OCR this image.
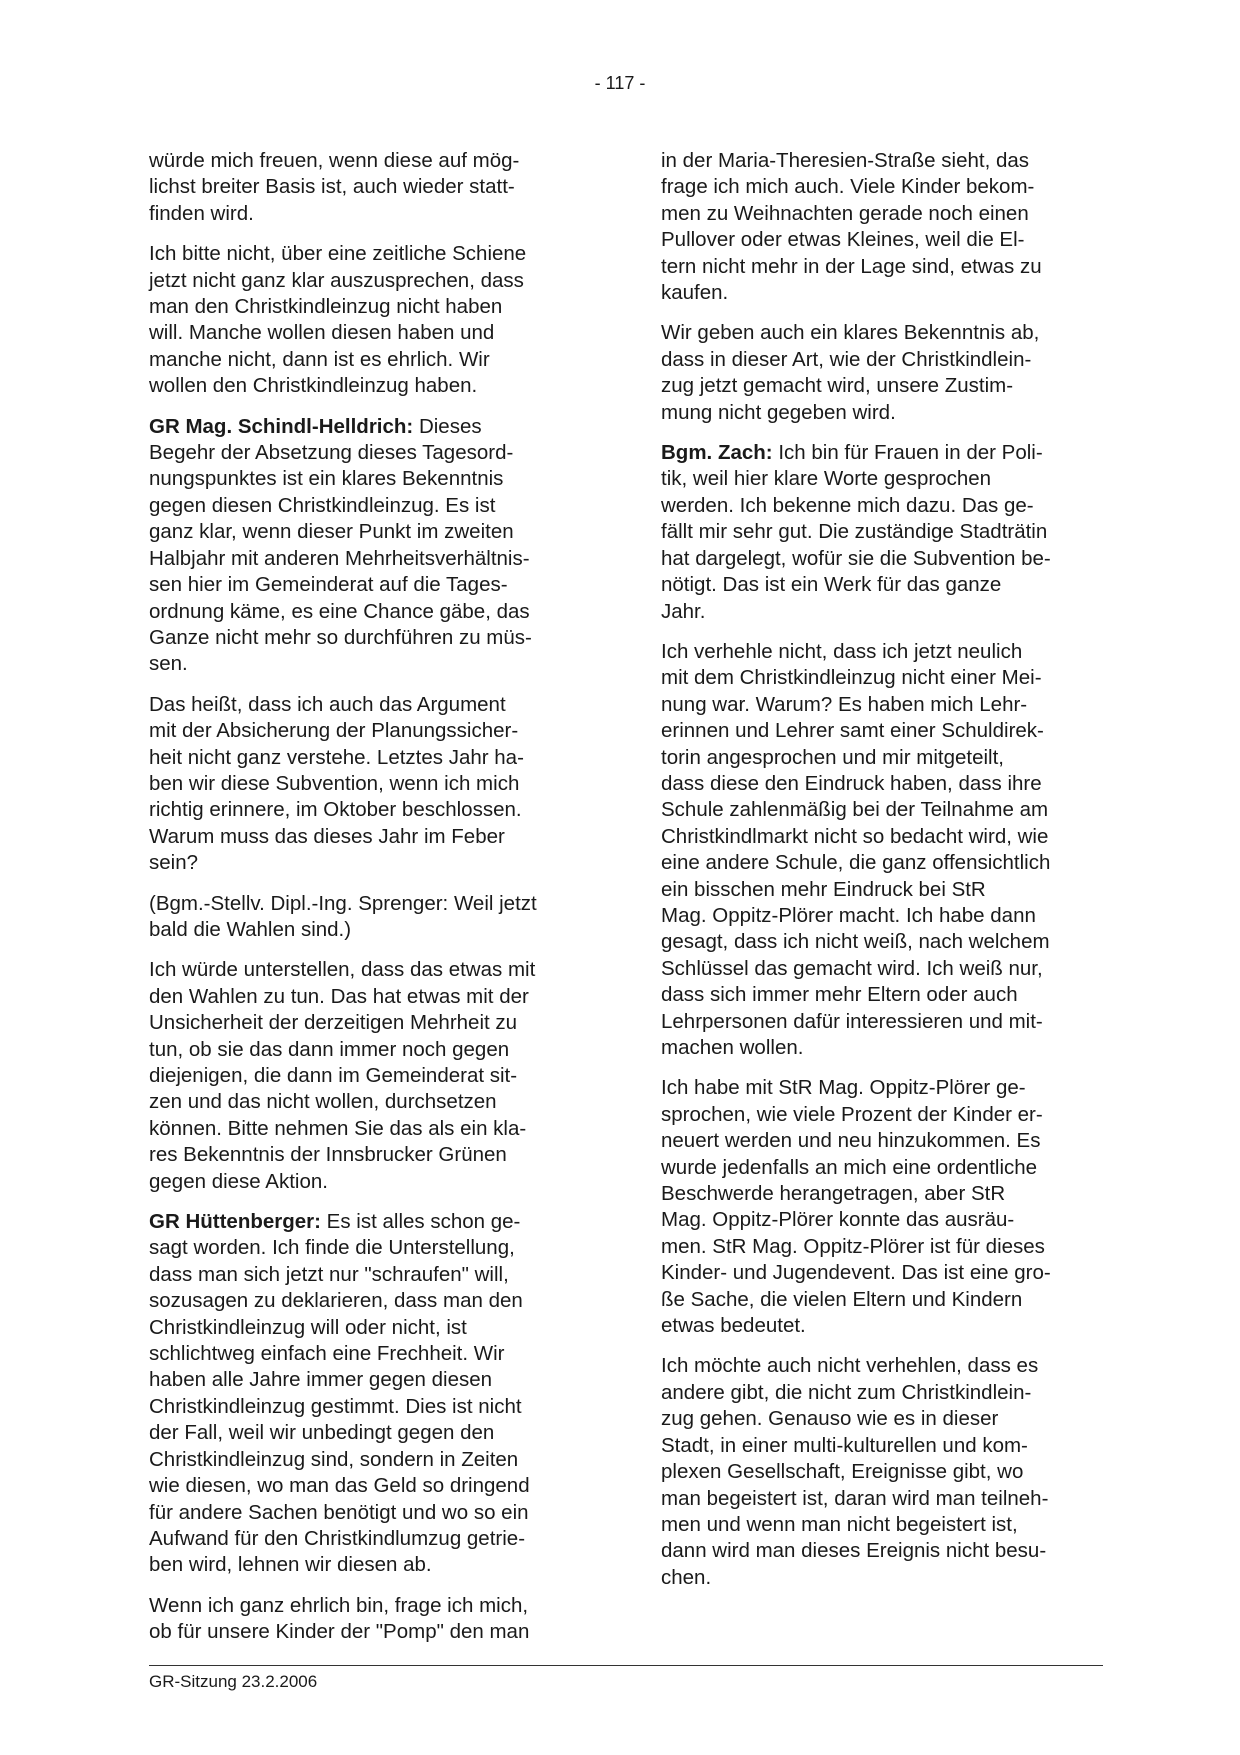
- 117 -
würde mich freuen, wenn diese auf mög-
lichst breiter Basis ist, auch wieder statt-
finden wird.
Ich bitte nicht, über eine zeitliche Schiene
jetzt nicht ganz klar auszusprechen, dass
man den Christkindleinzug nicht haben
will. Manche wollen diesen haben und
manche nicht, dann ist es ehrlich. Wir
wollen den Christkindleinzug haben.
GR Mag. Schindl-Helldrich: Dieses
Begehr der Absetzung dieses Tagesord-
nungspunktes ist ein klares Bekenntnis
gegen diesen Christkindleinzug. Es ist
ganz klar, wenn dieser Punkt im zweiten
Halbjahr mit anderen Mehrheitsverhältnis-
sen hier im Gemeinderat auf die Tages-
ordnung käme, es eine Chance gäbe, das
Ganze nicht mehr so durchführen zu müs-
sen.
Das heißt, dass ich auch das Argument
mit der Absicherung der Planungssicher-
heit nicht ganz verstehe. Letztes Jahr ha-
ben wir diese Subvention, wenn ich mich
richtig erinnere, im Oktober beschlossen.
Warum muss das dieses Jahr im Feber
sein?
(Bgm.-Stellv. Dipl.-Ing. Sprenger: Weil jetzt
bald die Wahlen sind.)
Ich würde unterstellen, dass das etwas mit
den Wahlen zu tun. Das hat etwas mit der
Unsicherheit der derzeitigen Mehrheit zu
tun, ob sie das dann immer noch gegen
diejenigen, die dann im Gemeinderat sit-
zen und das nicht wollen, durchsetzen
können. Bitte nehmen Sie das als ein kla-
res Bekenntnis der Innsbrucker Grünen
gegen diese Aktion.
GR Hüttenberger: Es ist alles schon ge-
sagt worden. Ich finde die Unterstellung,
dass man sich jetzt nur "schraufen" will,
sozusagen zu deklarieren, dass man den
Christkindleinzug will oder nicht, ist
schlichtweg einfach eine Frechheit. Wir
haben alle Jahre immer gegen diesen
Christkindleinzug gestimmt. Dies ist nicht
der Fall, weil wir unbedingt gegen den
Christkindleinzug sind, sondern in Zeiten
wie diesen, wo man das Geld so dringend
für andere Sachen benötigt und wo so ein
Aufwand für den Christkindlumzug getrie-
ben wird, lehnen wir diesen ab.
Wenn ich ganz ehrlich bin, frage ich mich,
ob für unsere Kinder der "Pomp" den man
in der Maria-Theresien-Straße sieht, das
frage ich mich auch. Viele Kinder bekom-
men zu Weihnachten gerade noch einen
Pullover oder etwas Kleines, weil die El-
tern nicht mehr in der Lage sind, etwas zu
kaufen.
Wir geben auch ein klares Bekenntnis ab,
dass in dieser Art, wie der Christkindlein-
zug jetzt gemacht wird, unsere Zustim-
mung nicht gegeben wird.
Bgm. Zach: Ich bin für Frauen in der Poli-
tik, weil hier klare Worte gesprochen
werden. Ich bekenne mich dazu. Das ge-
fällt mir sehr gut. Die zuständige Stadträtin
hat dargelegt, wofür sie die Subvention be-
nötigt. Das ist ein Werk für das ganze
Jahr.
Ich verhehle nicht, dass ich jetzt neulich
mit dem Christkindleinzug nicht einer Mei-
nung war. Warum? Es haben mich Lehr-
erinnen und Lehrer samt einer Schuldirek-
torin angesprochen und mir mitgeteilt,
dass diese den Eindruck haben, dass ihre
Schule zahlenmäßig bei der Teilnahme am
Christkindlmarkt nicht so bedacht wird, wie
eine andere Schule, die ganz offensichtlich
ein bisschen mehr Eindruck bei StR
Mag. Oppitz-Plörer macht. Ich habe dann
gesagt, dass ich nicht weiß, nach welchem
Schlüssel das gemacht wird. Ich weiß nur,
dass sich immer mehr Eltern oder auch
Lehrpersonen dafür interessieren und mit-
machen wollen.
Ich habe mit StR Mag. Oppitz-Plörer ge-
sprochen, wie viele Prozent der Kinder er-
neuert werden und neu hinzukommen. Es
wurde jedenfalls an mich eine ordentliche
Beschwerde herangetragen, aber StR
Mag. Oppitz-Plörer konnte das ausräu-
men. StR Mag. Oppitz-Plörer ist für dieses
Kinder- und Jugendevent. Das ist eine gro-
ße Sache, die vielen Eltern und Kindern
etwas bedeutet.
Ich möchte auch nicht verhehlen, dass es
andere gibt, die nicht zum Christkindlein-
zug gehen. Genauso wie es in dieser
Stadt, in einer multi-kulturellen und kom-
plexen Gesellschaft, Ereignisse gibt, wo
man begeistert ist, daran wird man teilneh-
men und wenn man nicht begeistert ist,
dann wird man dieses Ereignis nicht besu-
chen.
GR-Sitzung 23.2.2006
